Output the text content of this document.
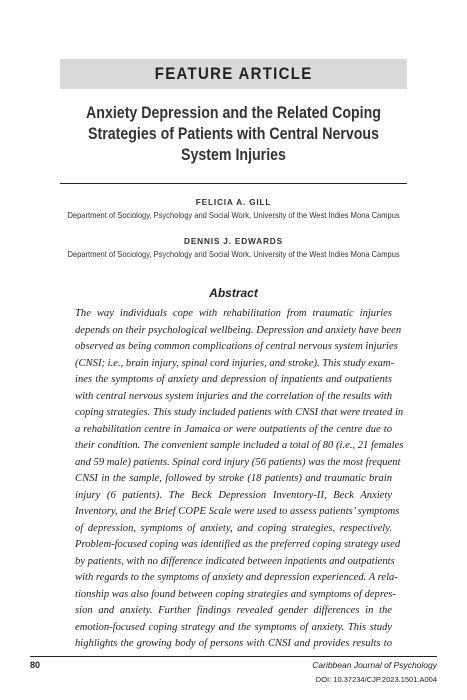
FEATURE ARTICLE
Anxiety Depression and the Related Coping
Strategies of Patients with Central Nervous
System Injuries
FELICIA A. GILL
Department of Sociology, Psychology and Social Work, University of the West Indies Mona Campus
DENNIS J. EDWARDS
Department of Sociology, Psychology and Social Work, University of the West Indies Mona Campus
Abstract
The way individuals cope with rehabilitation from traumatic injuries
depends on their psychological wellbeing. Depression and anxiety have been
observed as being common complications of central nervous system injuries
(CNSI; i.e., brain injury, spinal cord injuries, and stroke). This study exam-
ines the symptoms of anxiety and depression of inpatients and outpatients
with central nervous system injuries and the correlation of the results with
coping strategies. This study included patients with CNSI that were treated in
a rehabilitation centre in Jamaica or were outpatients of the centre due to
their condition. The convenient sample included a total of 80 (i.e., 21 females
and 59 male) patients. Spinal cord injury (56 patients) was the most frequent
CNSI in the sample, followed by stroke (18 patients) and traumatic brain
injury (6 patients). The Beck Depression Inventory-II, Beck Anxiety
Inventory, and the Brief COPE Scale were used to assess patients’ symptoms
of depression, symptoms of anxiety, and coping strategies, respectively.
Problem-focused coping was identified as the preferred coping strategy used
by patients, with no difference indicated between inpatients and outpatients
with regards to the symptoms of anxiety and depression experienced. A rela-
tionship was also found between coping strategies and symptoms of depres-
sion and anxiety. Further findings revealed gender differences in the
emotion-focused coping strategy and the symptoms of anxiety. This study
highlights the growing body of persons with CNSI and provides results to
80	Caribbean Journal of Psychology
DOI: 10.37234/CJP.2023.1501.A004
